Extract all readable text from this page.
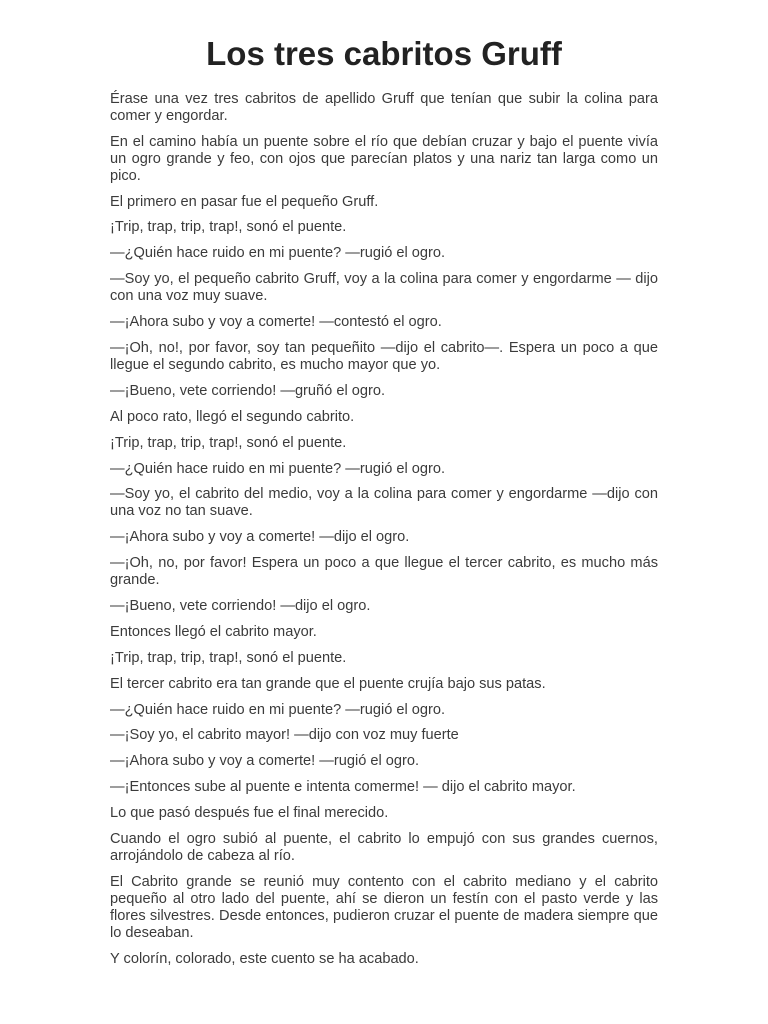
Los tres cabritos Gruff

Érase una vez tres cabritos de apellido Gruff que tenían que subir la colina para comer y engordar.

En el camino había un puente sobre el río que debían cruzar y bajo el puente vivía un ogro grande y feo, con ojos que parecían platos y una nariz tan larga como un pico.

El primero en pasar fue el pequeño Gruff.

¡Trip, trap, trip, trap!, sonó el puente.

—¿Quién hace ruido en mi puente? —rugió el ogro.

—Soy yo, el pequeño cabrito Gruff, voy a la colina para comer y engordarme — dijo con una voz muy suave.

—¡Ahora subo y voy a comerte! —contestó el ogro.

—¡Oh, no!, por favor, soy tan pequeñito —dijo el cabrito—. Espera un poco a que llegue el segundo cabrito, es mucho mayor que yo.

—¡Bueno, vete corriendo! —gruñó el ogro.

Al poco rato, llegó el segundo cabrito.

¡Trip, trap, trip, trap!, sonó el puente.

—¿Quién hace ruido en mi puente? —rugió el ogro.

—Soy yo, el cabrito del medio, voy a la colina para comer y engordarme —dijo con una voz no tan suave.

—¡Ahora subo y voy a comerte! —dijo el ogro.

—¡Oh, no, por favor! Espera un poco a que llegue el tercer cabrito, es mucho más grande.

—¡Bueno, vete corriendo! —dijo el ogro.

Entonces llegó el cabrito mayor.

¡Trip, trap, trip, trap!, sonó el puente.

El tercer cabrito era tan grande que el puente crujía bajo sus patas.

—¿Quién hace ruido en mi puente? —rugió el ogro.

—¡Soy yo, el cabrito mayor! —dijo con voz muy fuerte

—¡Ahora subo y voy a comerte! —rugió el ogro.

—¡Entonces sube al puente e intenta comerme! — dijo el cabrito mayor.

Lo que pasó después fue el final merecido.

Cuando el ogro subió al puente, el cabrito lo empujó con sus grandes cuernos, arrojándolo de cabeza al río.

El Cabrito grande se reunió muy contento con el cabrito mediano y el cabrito pequeño al otro lado del puente, ahí se dieron un festín con el pasto verde y las flores silvestres. Desde entonces, pudieron cruzar el puente de madera siempre que lo deseaban.

Y colorín, colorado, este cuento se ha acabado.
